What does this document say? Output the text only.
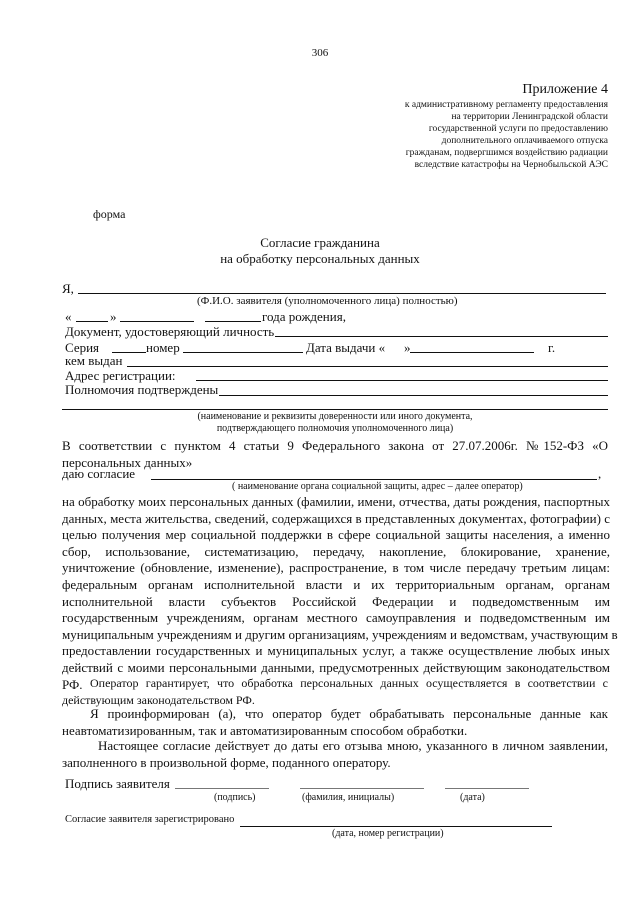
306
Приложение 4
к административному регламенту предоставления
на территории Ленинградской области
государственной услуги по предоставлению
дополнительного оплачиваемого отпуска
гражданам, подвергшимся воздействию радиации
вследствие катастрофы на Чернобыльской АЭС
форма
Согласие гражданина
на обработку персональных данных
Я,
(Ф.И.О. заявителя (уполномоченного лица) полностью)
«	»	года рождения,
Документ, удостоверяющий личность
Серия	номер	Дата выдачи « »	г.
кем выдан
Адрес регистрации:
Полномочия подтверждены
(наименование и реквизиты доверенности или иного документа,
подтверждающего полномочия уполномоченного лица)
В соответствии с пунктом 4 статьи 9 Федерального закона от 27.07.2006г. №152-ФЗ «О
персональных данных»
даю согласие	,
( наименование органа социальной защиты, адрес – далее оператор)
на обработку моих персональных данных (фамилии, имени, отчества, даты рождения, паспортных
данных, места жительства, сведений, содержащихся в представленных документах, фотографии) с
целью получения мер социальной поддержки в сфере социальной защиты населения, а именно
сбор, использование, систематизацию, передачу, накопление, блокирование, хранение,
уничтожение (обновление, изменение), распространение, в том числе передачу третьим лицам:
федеральным органам исполнительной власти и их территориальным органам, органам
исполнительной власти субъектов Российской Федерации и подведомственным им
государственным учреждениям, органам местного самоуправления и подведомственным им
муниципальным учреждениям и другим организациям, учреждениям и ведомствам, участвующим в
предоставлении государственных и муниципальных услуг, а также осуществление любых иных
действий с моими персональными данными, предусмотренных действующим законодательством
РФ. Оператор гарантирует, что обработка персональных данных осуществляется в соответствии с
действующим законодательством РФ.
Я проинформирован (а), что оператор будет обрабатывать персональные данные как
неавтоматизированным, так и автоматизированным способом обработки.
Настоящее согласие действует до даты его отзыва мною, указанного в личном заявлении,
заполненного в произвольной форме, поданного оператору.
Подпись заявителя
(подпись)	(фамилия, инициалы)	(дата)
Согласие заявителя зарегистрировано
(дата, номер регистрации)
